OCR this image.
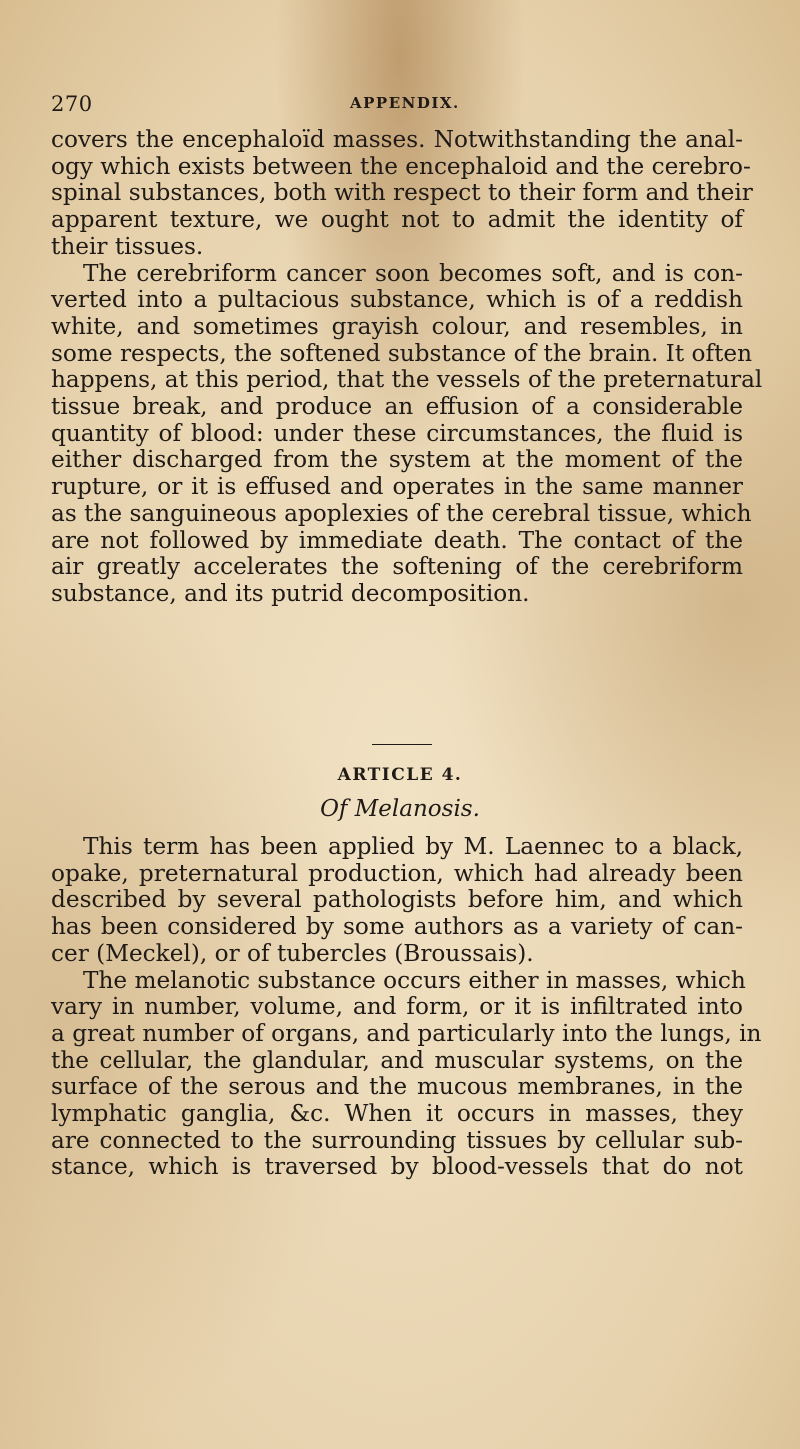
270	APPENDIX.
covers the encephaloïd masses. Notwithstanding the anal-
ogy which exists between the encephaloid and the cerebro-
spinal substances, both with respect to their form and their
apparent texture, we ought not to admit the identity of
their tissues.
The cerebriform cancer soon becomes soft, and is con-
verted into a pultacious substance, which is of a reddish
white, and sometimes grayish colour, and resembles, in
some respects, the softened substance of the brain. It often
happens, at this period, that the vessels of the preternatural
tissue break, and produce an effusion of a considerable
quantity of blood: under these circumstances, the fluid is
either discharged from the system at the moment of the
rupture, or it is effused and operates in the same manner
as the sanguineous apoplexies of the cerebral tissue, which
are not followed by immediate death. The contact of the
air greatly accelerates the softening of the cerebriform
substance, and its putrid decomposition.
ARTICLE 4.
Of Melanosis.
This term has been applied by M. Laennec to a black,
opake, preternatural production, which had already been
described by several pathologists before him, and which
has been considered by some authors as a variety of can-
cer (Meckel), or of tubercles (Broussais).
The melanotic substance occurs either in masses, which
vary in number, volume, and form, or it is infiltrated into
a great number of organs, and particularly into the lungs, in
the cellular, the glandular, and muscular systems, on the
surface of the serous and the mucous membranes, in the
lymphatic ganglia, &c. When it occurs in masses, they
are connected to the surrounding tissues by cellular sub-
stance, which is traversed by blood-vessels that do not
